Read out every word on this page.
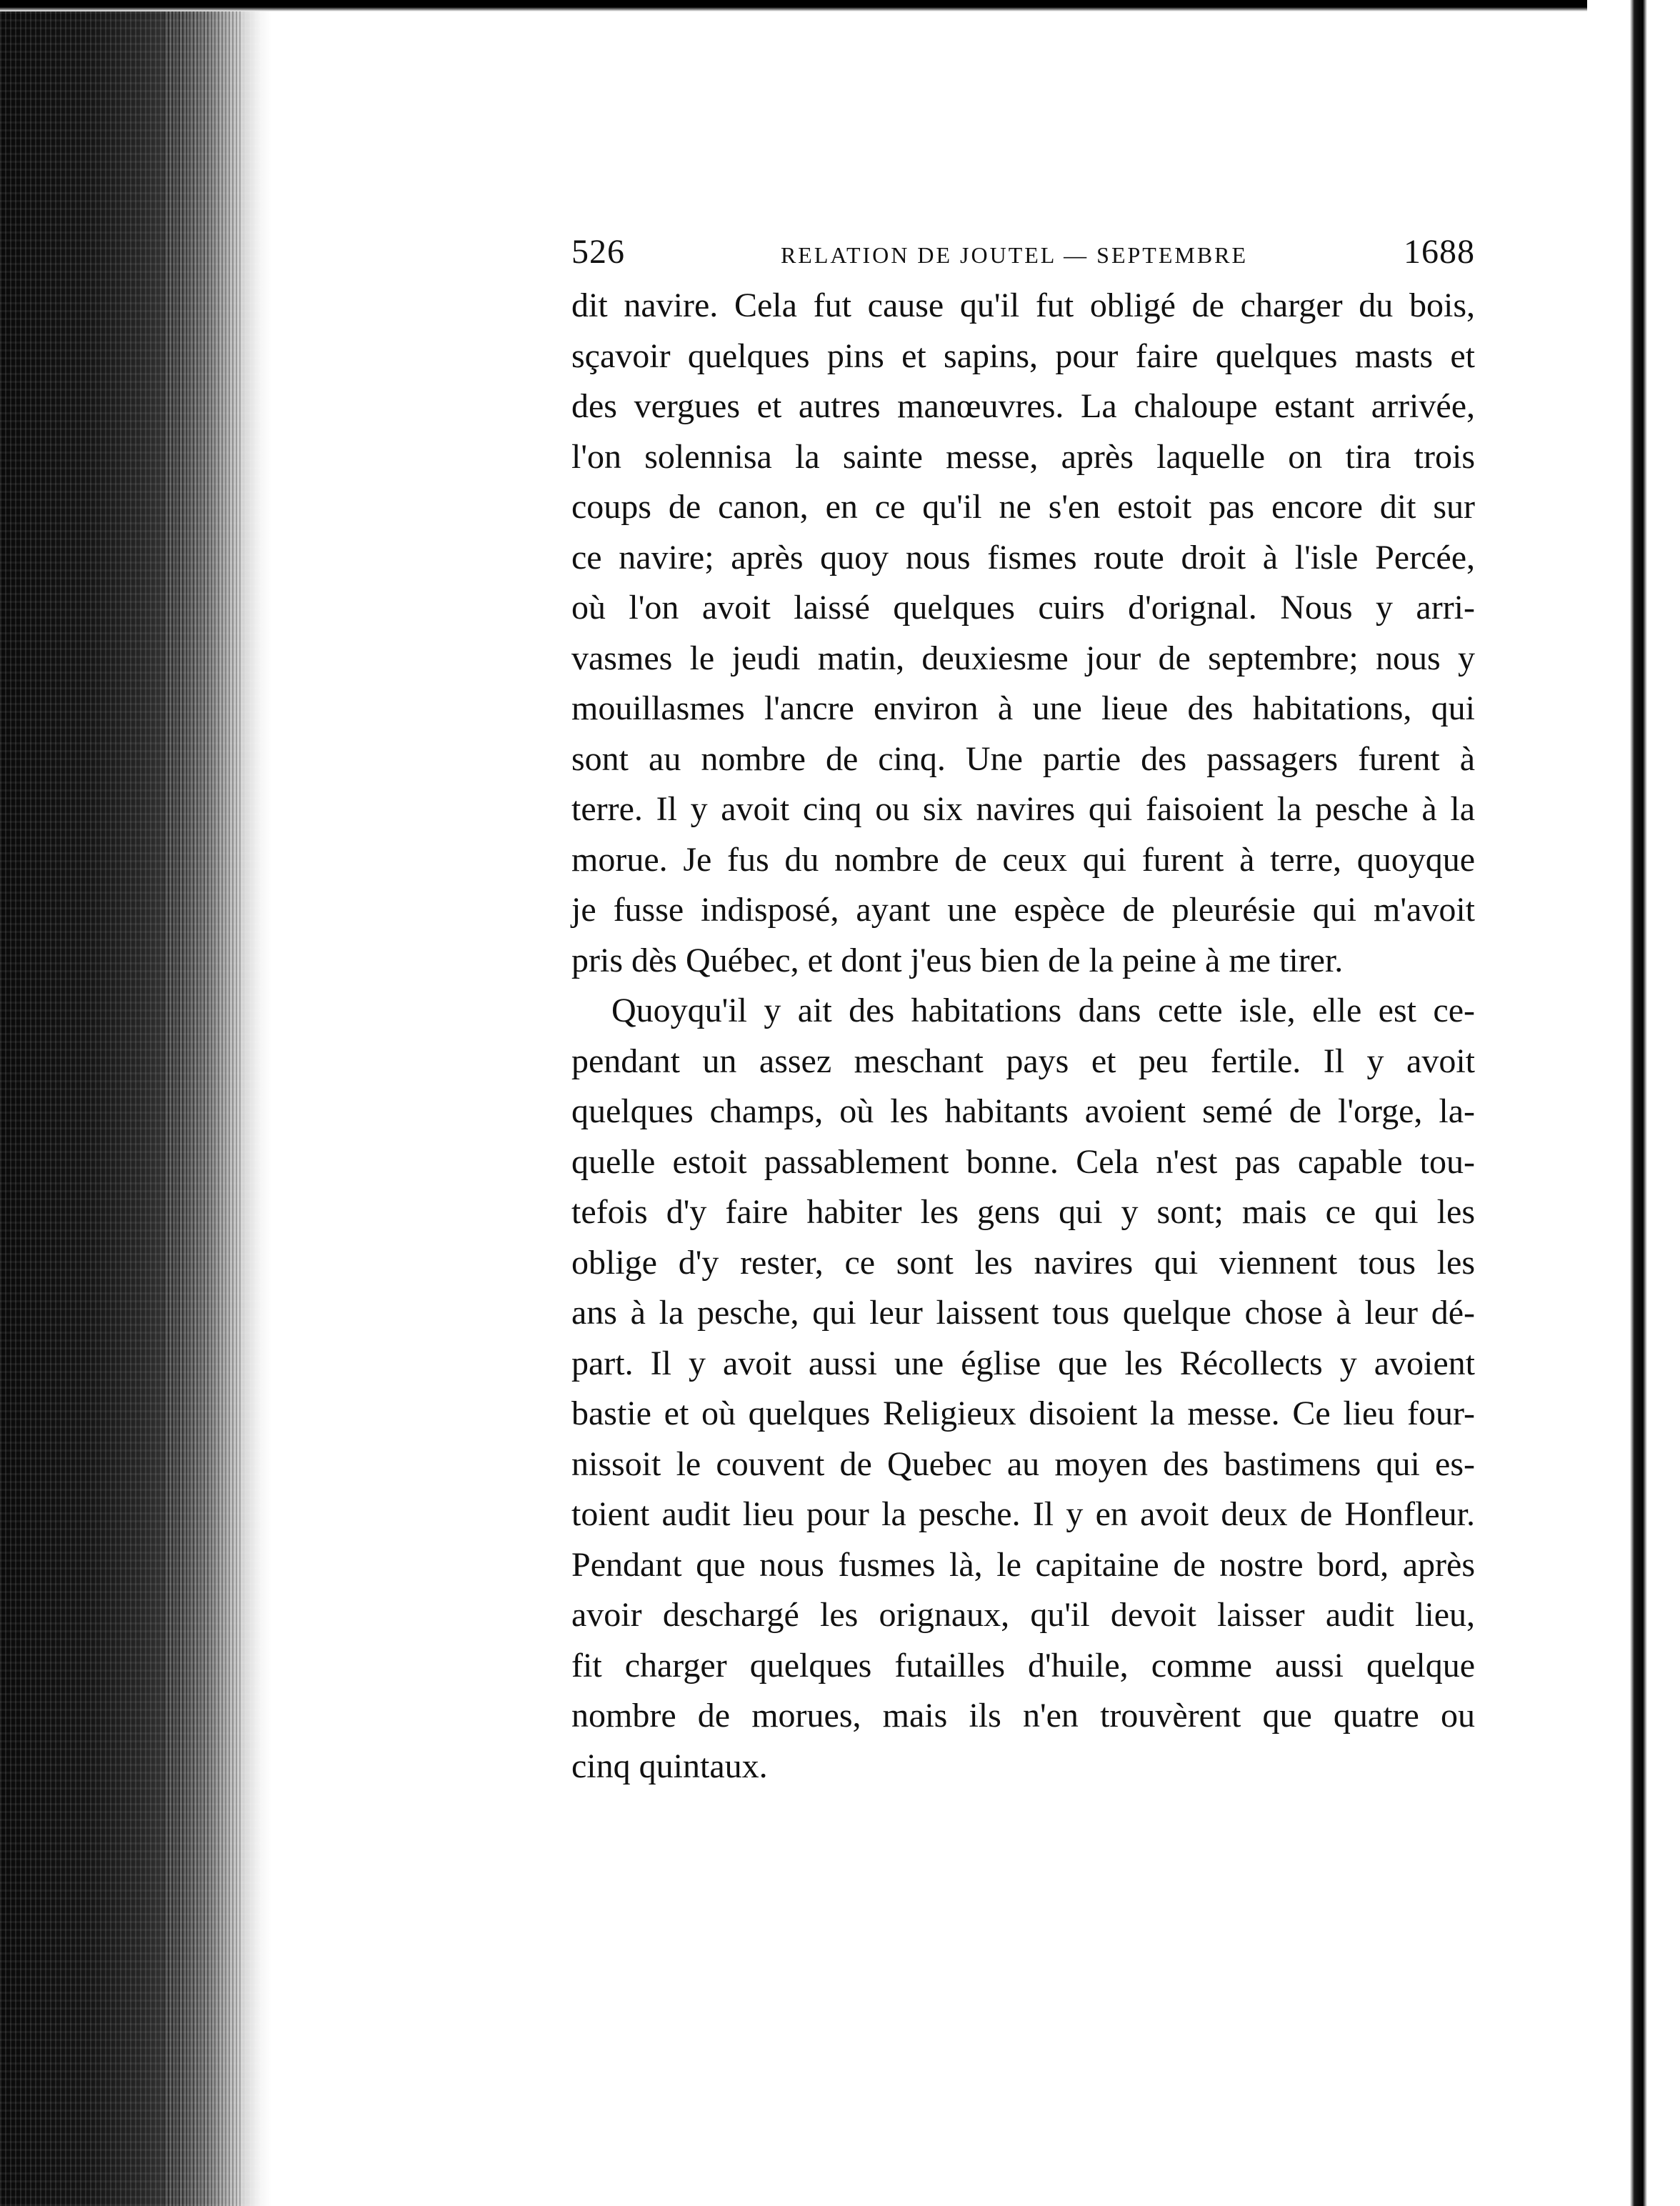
526	RELATION DE JOUTEL — SEPTEMBRE	1688
dit navire. Cela fut cause qu'il fut obligé de charger du bois,
sçavoir quelques pins et sapins, pour faire quelques masts et
des vergues et autres manœuvres. La chaloupe estant arrivée,
l'on solennisa la sainte messe, après laquelle on tira trois
coups de canon, en ce qu'il ne s'en estoit pas encore dit sur
ce navire; après quoy nous fismes route droit à l'isle Percée,
où l'on avoit laissé quelques cuirs d'orignal. Nous y arri-
vasmes le jeudi matin, deuxiesme jour de septembre; nous y
mouillasmes l'ancre environ à une lieue des habitations, qui
sont au nombre de cinq. Une partie des passagers furent à
terre. Il y avoit cinq ou six navires qui faisoient la pesche à la
morue. Je fus du nombre de ceux qui furent à terre, quoyque
je fusse indisposé, ayant une espèce de pleurésie qui m'avoit
pris dès Québec, et dont j'eus bien de la peine à me tirer.
Quoyqu'il y ait des habitations dans cette isle, elle est ce-
pendant un assez meschant pays et peu fertile. Il y avoit
quelques champs, où les habitants avoient semé de l'orge, la-
quelle estoit passablement bonne. Cela n'est pas capable tou-
tefois d'y faire habiter les gens qui y sont; mais ce qui les
oblige d'y rester, ce sont les navires qui viennent tous les
ans à la pesche, qui leur laissent tous quelque chose à leur dé-
part. Il y avoit aussi une église que les Récollects y avoient
bastie et où quelques Religieux disoient la messe. Ce lieu four-
nissoit le couvent de Quebec au moyen des bastimens qui es-
toient audit lieu pour la pesche. Il y en avoit deux de Honfleur.
Pendant que nous fusmes là, le capitaine de nostre bord, après
avoir deschargé les orignaux, qu'il devoit laisser audit lieu,
fit charger quelques futailles d'huile, comme aussi quelque
nombre de morues, mais ils n'en trouvèrent que quatre ou
cinq quintaux.
